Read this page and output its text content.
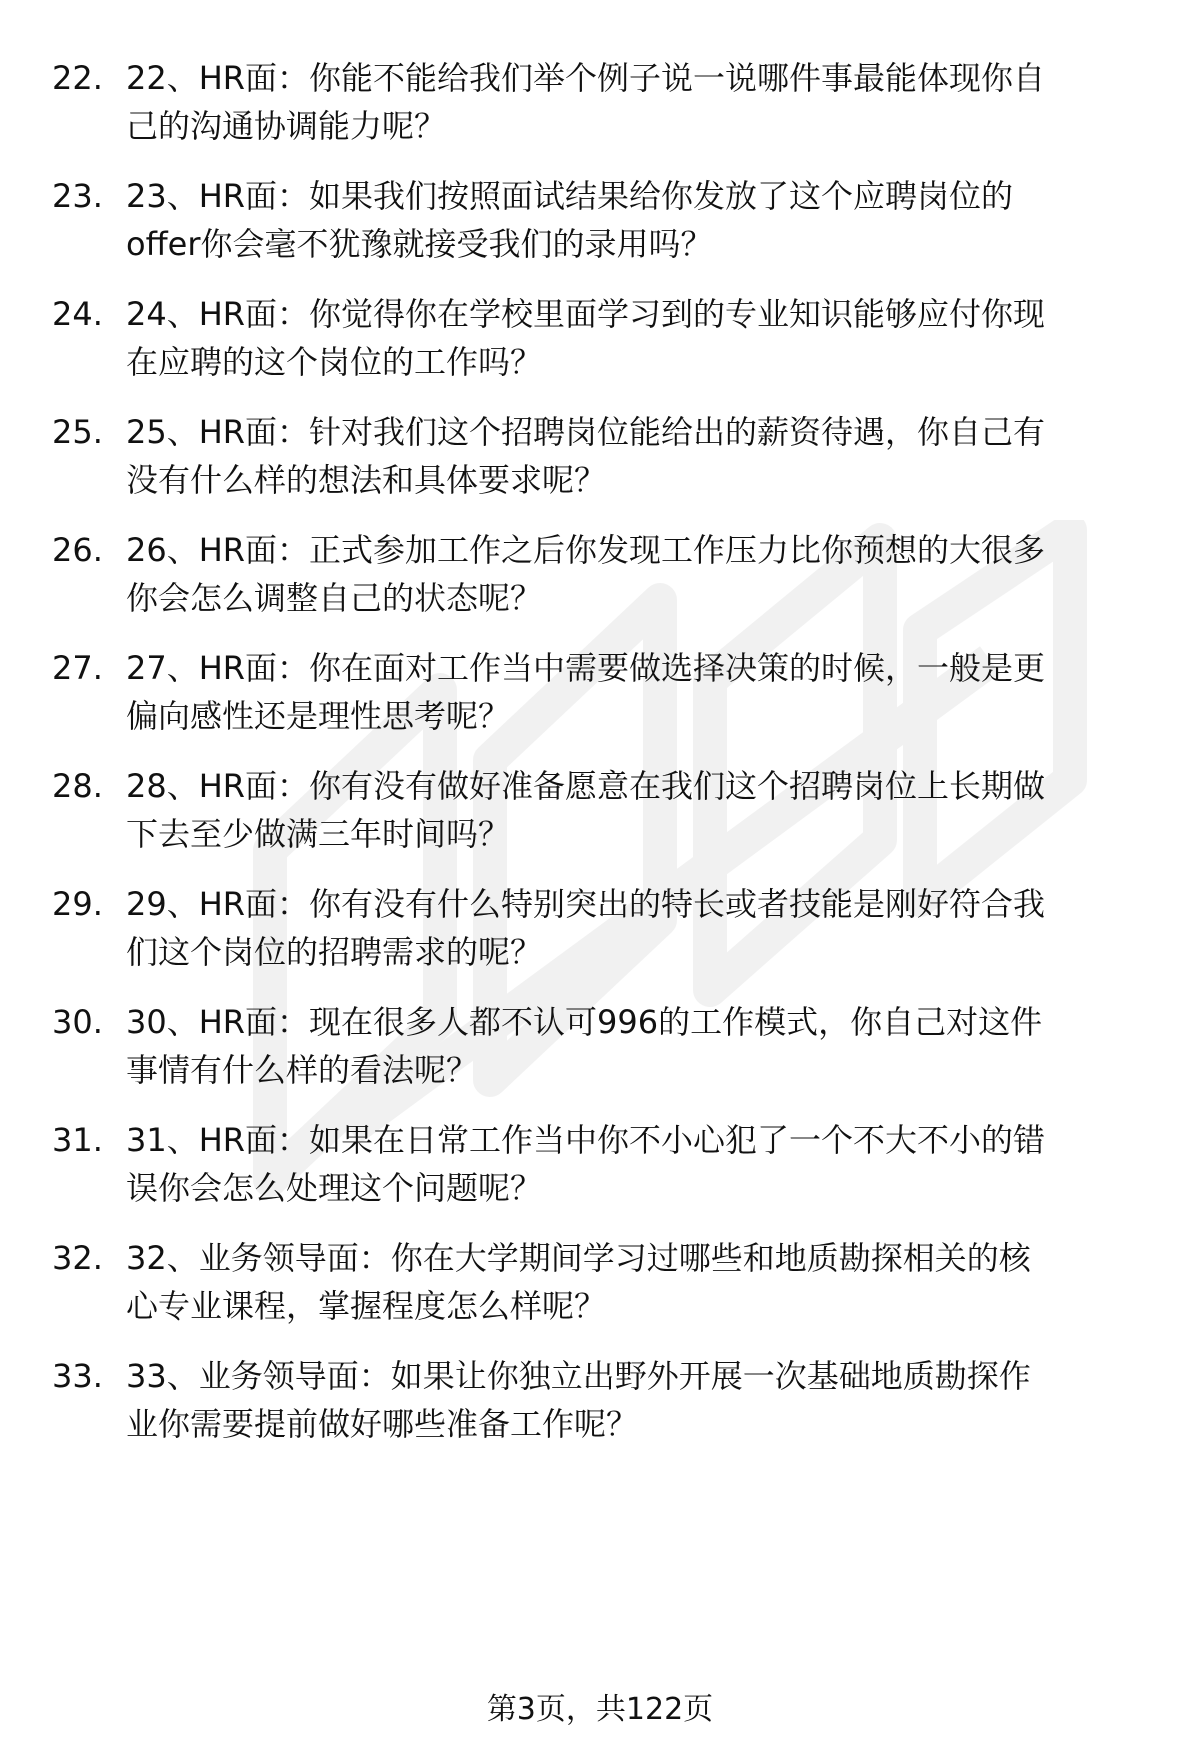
22. 22、HR面：你能不能给我们举个例子说一说哪件事最能体现你自
己的沟通协调能力呢？
23. 23、HR面：如果我们按照面试结果给你发放了这个应聘岗位的
offer你会毫不犹豫就接受我们的录用吗？
24. 24、HR面：你觉得你在学校里面学习到的专业知识能够应付你现
在应聘的这个岗位的工作吗？
25. 25、HR面：针对我们这个招聘岗位能给出的薪资待遇，你自己有
没有什么样的想法和具体要求呢？
26. 26、HR面：正式参加工作之后你发现工作压力比你预想的大很多
你会怎么调整自己的状态呢？
27. 27、HR面：你在面对工作当中需要做选择决策的时候，一般是更
偏向感性还是理性思考呢？
28. 28、HR面：你有没有做好准备愿意在我们这个招聘岗位上长期做
下去至少做满三年时间吗？
29. 29、HR面：你有没有什么特别突出的特长或者技能是刚好符合我
们这个岗位的招聘需求的呢？
30. 30、HR面：现在很多人都不认可996的工作模式，你自己对这件
事情有什么样的看法呢？
31. 31、HR面：如果在日常工作当中你不小心犯了一个不大不小的错
误你会怎么处理这个问题呢？
32. 32、业务领导面：你在大学期间学习过哪些和地质勘探相关的核
心专业课程，掌握程度怎么样呢？
33. 33、业务领导面：如果让你独立出野外开展一次基础地质勘探作
业你需要提前做好哪些准备工作呢？
第3页，共122页
